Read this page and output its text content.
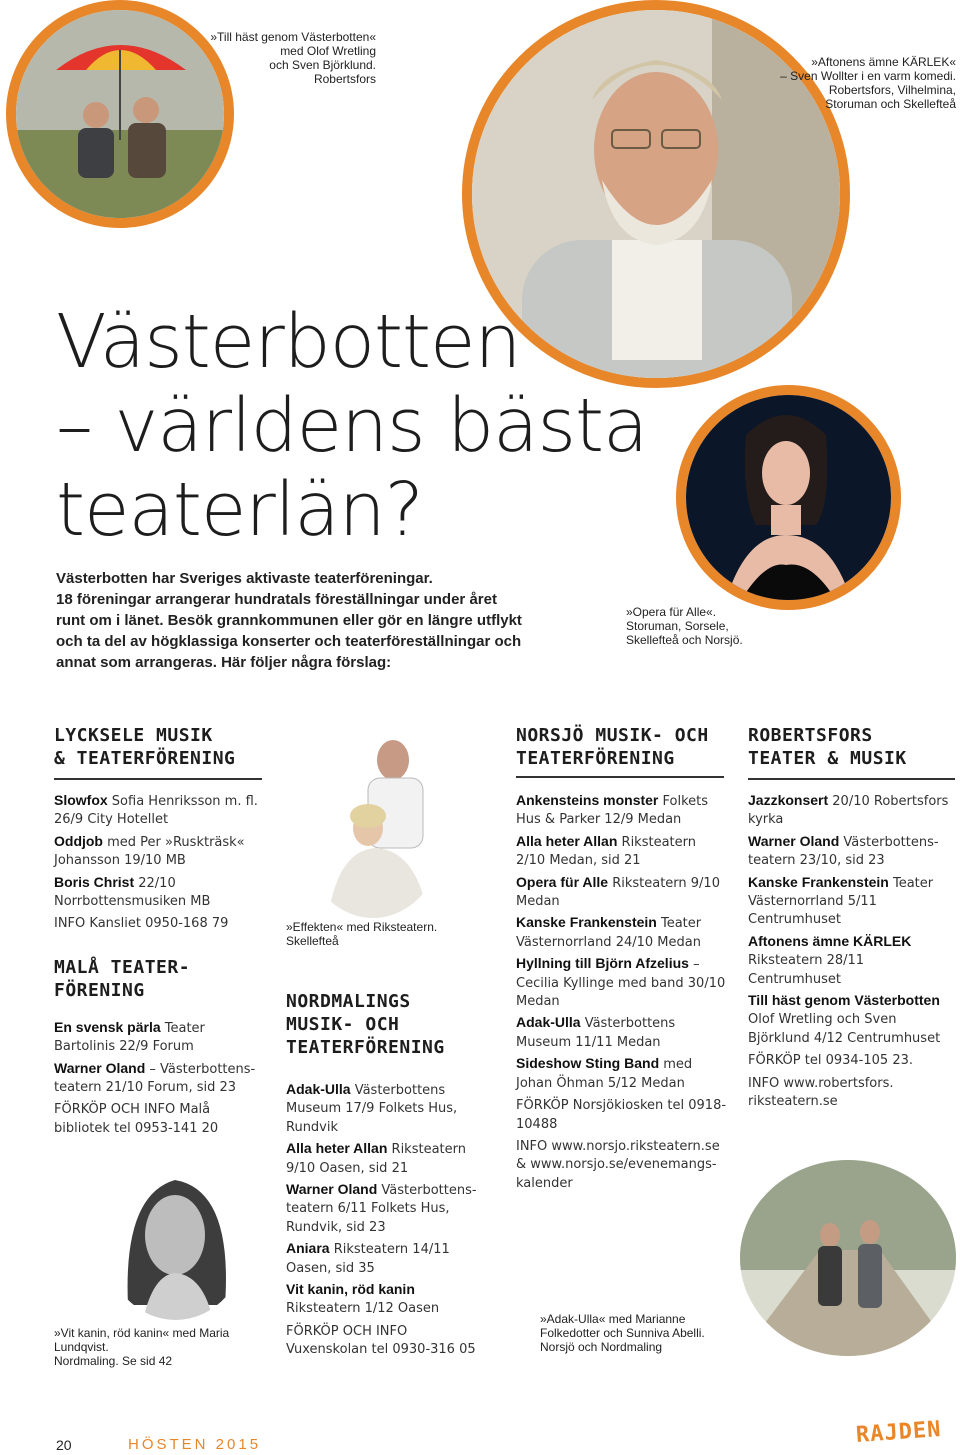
»Till häst genom Västerbotten«
med Olof Wretling
och Sven Björklund.
Robertsfors
»Aftonens ämne KÄRLEK«
– Sven Wollter i en varm komedi.
Robertsfors, Vilhelmina,
Storuman och Skellefteå
»Opera für Alle«.
Storuman, Sorsele,
Skellefteå och Norsjö.
»Effekten« med Riksteatern.
Skellefteå
»Vit kanin, röd kanin« med Maria Lundqvist.
Nordmaling. Se sid 42
»Adak-Ulla« med Marianne
Folkedotter och Sunniva Abelli.
Norsjö och Nordmaling
Västerbotten
– världens bästa
teaterlän?

Västerbotten har Sveriges aktivaste teaterföreningar.

18 föreningar arrangerar hundratals föreställningar under året

runt om i länet. Besök grannkommunen eller gör en längre utflykt

och ta del av högklassiga konserter och teaterföreställningar och

annat som arrangeras. Här följer några förslag:

LYCKSELE MUSIK
& TEATERFÖRENING
Slowfox Sofia Henriksson m. fl. 26/9 City Hotellet
Oddjob med Per »Ruskträsk« Johansson 19/10 MB
Boris Christ 22/10 Norrbottensmusiken MB
INFO Kansliet 0950-168 79
MALÅ TEATER-
FÖRENING
En svensk pärla Teater Bartolinis 22/9 Forum
Warner Oland – Västerbottens-teatern 21/10 Forum, sid 23
FÖRKÖP OCH INFO Malå bibliotek tel 0953-141 20
NORDMALINGS
MUSIK- OCH
TEATERFÖRENING
Adak-Ulla Västerbottens Museum 17/9 Folkets Hus, Rundvik
Alla heter Allan Riksteatern 9/10 Oasen, sid 21
Warner Oland Västerbottens-teatern 6/11 Folkets Hus, Rundvik, sid 23
Aniara Riksteatern 14/11 Oasen, sid 35
Vit kanin, röd kanin Riksteatern 1/12 Oasen
FÖRKÖP OCH INFO Vuxenskolan tel 0930-316 05
NORSJÖ MUSIK- OCH
TEATERFÖRENING
Ankensteins monster Folkets Hus & Parker 12/9 Medan
Alla heter Allan Riksteatern 2/10 Medan, sid 21
Opera für Alle Riksteatern 9/10 Medan
Kanske Frankenstein Teater Västernorrland 24/10 Medan
Hyllning till Björn Afzelius – Cecilia Kyllinge med band 30/10 Medan
Adak-Ulla Västerbottens Museum 11/11 Medan
Sideshow Sting Band med Johan Öhman 5/12 Medan
FÖRKÖP Norsjökiosken tel 0918-10488
INFO www.norsjo.riksteatern.se & www.norsjo.se/evenemangs-kalender
ROBERTSFORS
TEATER & MUSIK
Jazzkonsert 20/10 Robertsfors kyrka
Warner Oland Västerbottens-teatern 23/10, sid 23
Kanske Frankenstein Teater Västernorrland 5/11 Centrumhuset
Aftonens ämne KÄRLEK Riksteatern 28/11 Centrumhuset
Till häst genom Västerbotten Olof Wretling och Sven Björklund 4/12 Centrumhuset
FÖRKÖP tel 0934-105 23.
INFO www.robertsfors. riksteatern.se
20	HÖSTEN 2015	RAJDEN
